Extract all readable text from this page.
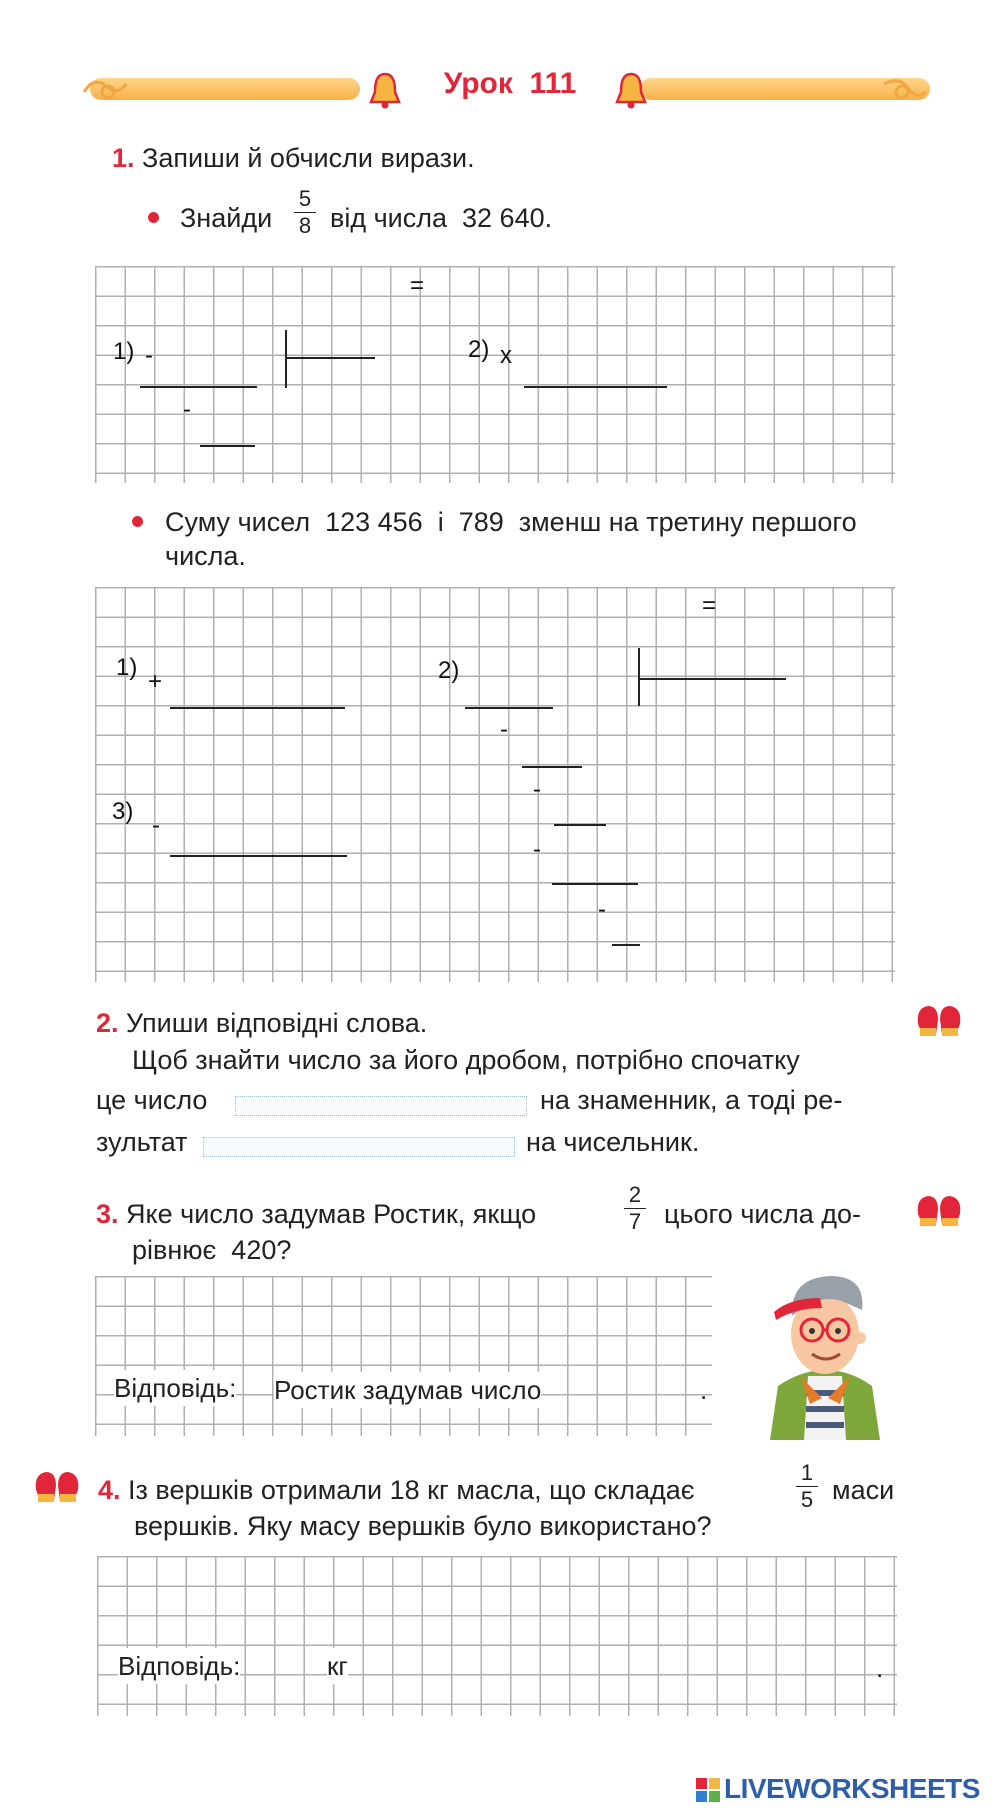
Урок  111
1. Запиши й обчисли вирази.
Знайди
5
8 від числа  32 640.
=
1) -
-
2) x
Суму чисел  123 456  і  789  зменш на третину першого
числа.
=
1)
+	2)
-
-
-
-
3)
-
2. Упиши відповідні слова.
Щоб знайти число за його дробом, потрібно спочатку
це число	на знаменник, а тоді ре-
зультат	на чисельник.
3. Яке число задумав Ростик, якщо
2
7 цього числа до-
рівнює  420?
Відповідь: Ростик задумав число	.
4. Із вершків отримали 18 кг масла, що складає
1
5 маси
вершків. Яку масу вершків було використано?
Відповідь:	кг	.
LIVEWORKSHEETS
